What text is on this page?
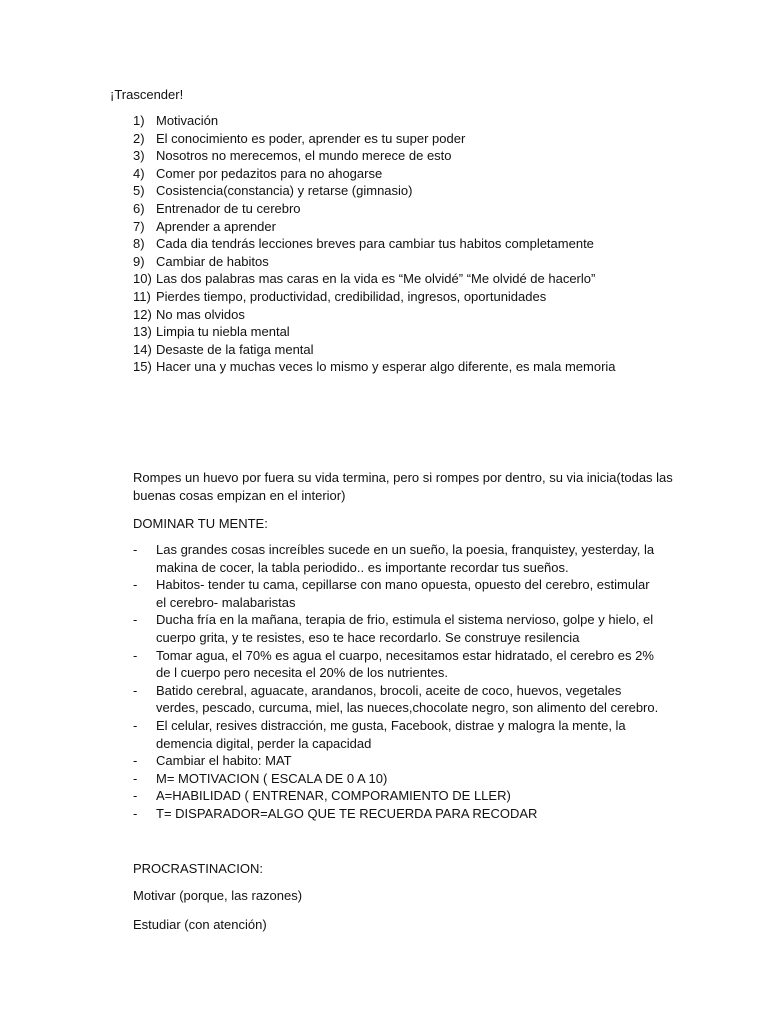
¡Trascender!

1) Motivación
2) El conocimiento es poder, aprender es tu super poder
3) Nosotros no merecemos, el mundo merece de esto
4) Comer por pedazitos para no ahogarse
5) Cosistencia(constancia) y retarse (gimnasio)
6) Entrenador de tu cerebro
7) Aprender a aprender
8) Cada dia tendrás lecciones breves para cambiar tus habitos completamente
9) Cambiar de habitos
10) Las dos palabras mas caras en la vida es “Me olvidé” “Me olvidé de hacerlo”
11) Pierdes tiempo, productividad, credibilidad, ingresos, oportunidades
12) No mas olvidos
13) Limpia tu niebla mental
14) Desaste de la fatiga mental
15) Hacer una y muchas veces lo mismo y esperar algo diferente, es mala memoria

Rompes un huevo por fuera su vida termina, pero si rompes por dentro, su via inicia(todas las buenas cosas empizan en el interior)

DOMINAR TU MENTE:

-	Las grandes cosas increíbles sucede en un sueño, la poesia, franquistey, yesterday, la makina de cocer, la tabla periodido.. es importante recordar tus sueños.
-	Habitos- tender tu cama, cepillarse con mano opuesta, opuesto del cerebro, estimular el cerebro- malabaristas
-	Ducha fría en la mañana, terapia de frio, estimula el sistema nervioso, golpe y hielo, el cuerpo grita, y te resistes, eso te hace recordarlo. Se construye resilencia
-	Tomar agua, el 70% es agua el cuarpo, necesitamos estar hidratado, el cerebro es 2% de l cuerpo pero necesita el 20% de los nutrientes.
-	Batido cerebral, aguacate, arandanos, brocoli, aceite de coco, huevos, vegetales verdes, pescado, curcuma, miel, las nueces,chocolate negro, son alimento del cerebro.
-	El celular, resives distracción, me gusta, Facebook, distrae y malogra la mente, la demencia digital, perder la capacidad
-	Cambiar el habito: MAT
-	M= MOTIVACION ( ESCALA DE 0 A 10)
-	A=HABILIDAD ( ENTRENAR, COMPORAMIENTO DE LLER)
-	T= DISPARADOR=ALGO QUE TE RECUERDA PARA RECODAR

PROCRASTINACION:

Motivar (porque, las razones)

Estudiar (con atención)
